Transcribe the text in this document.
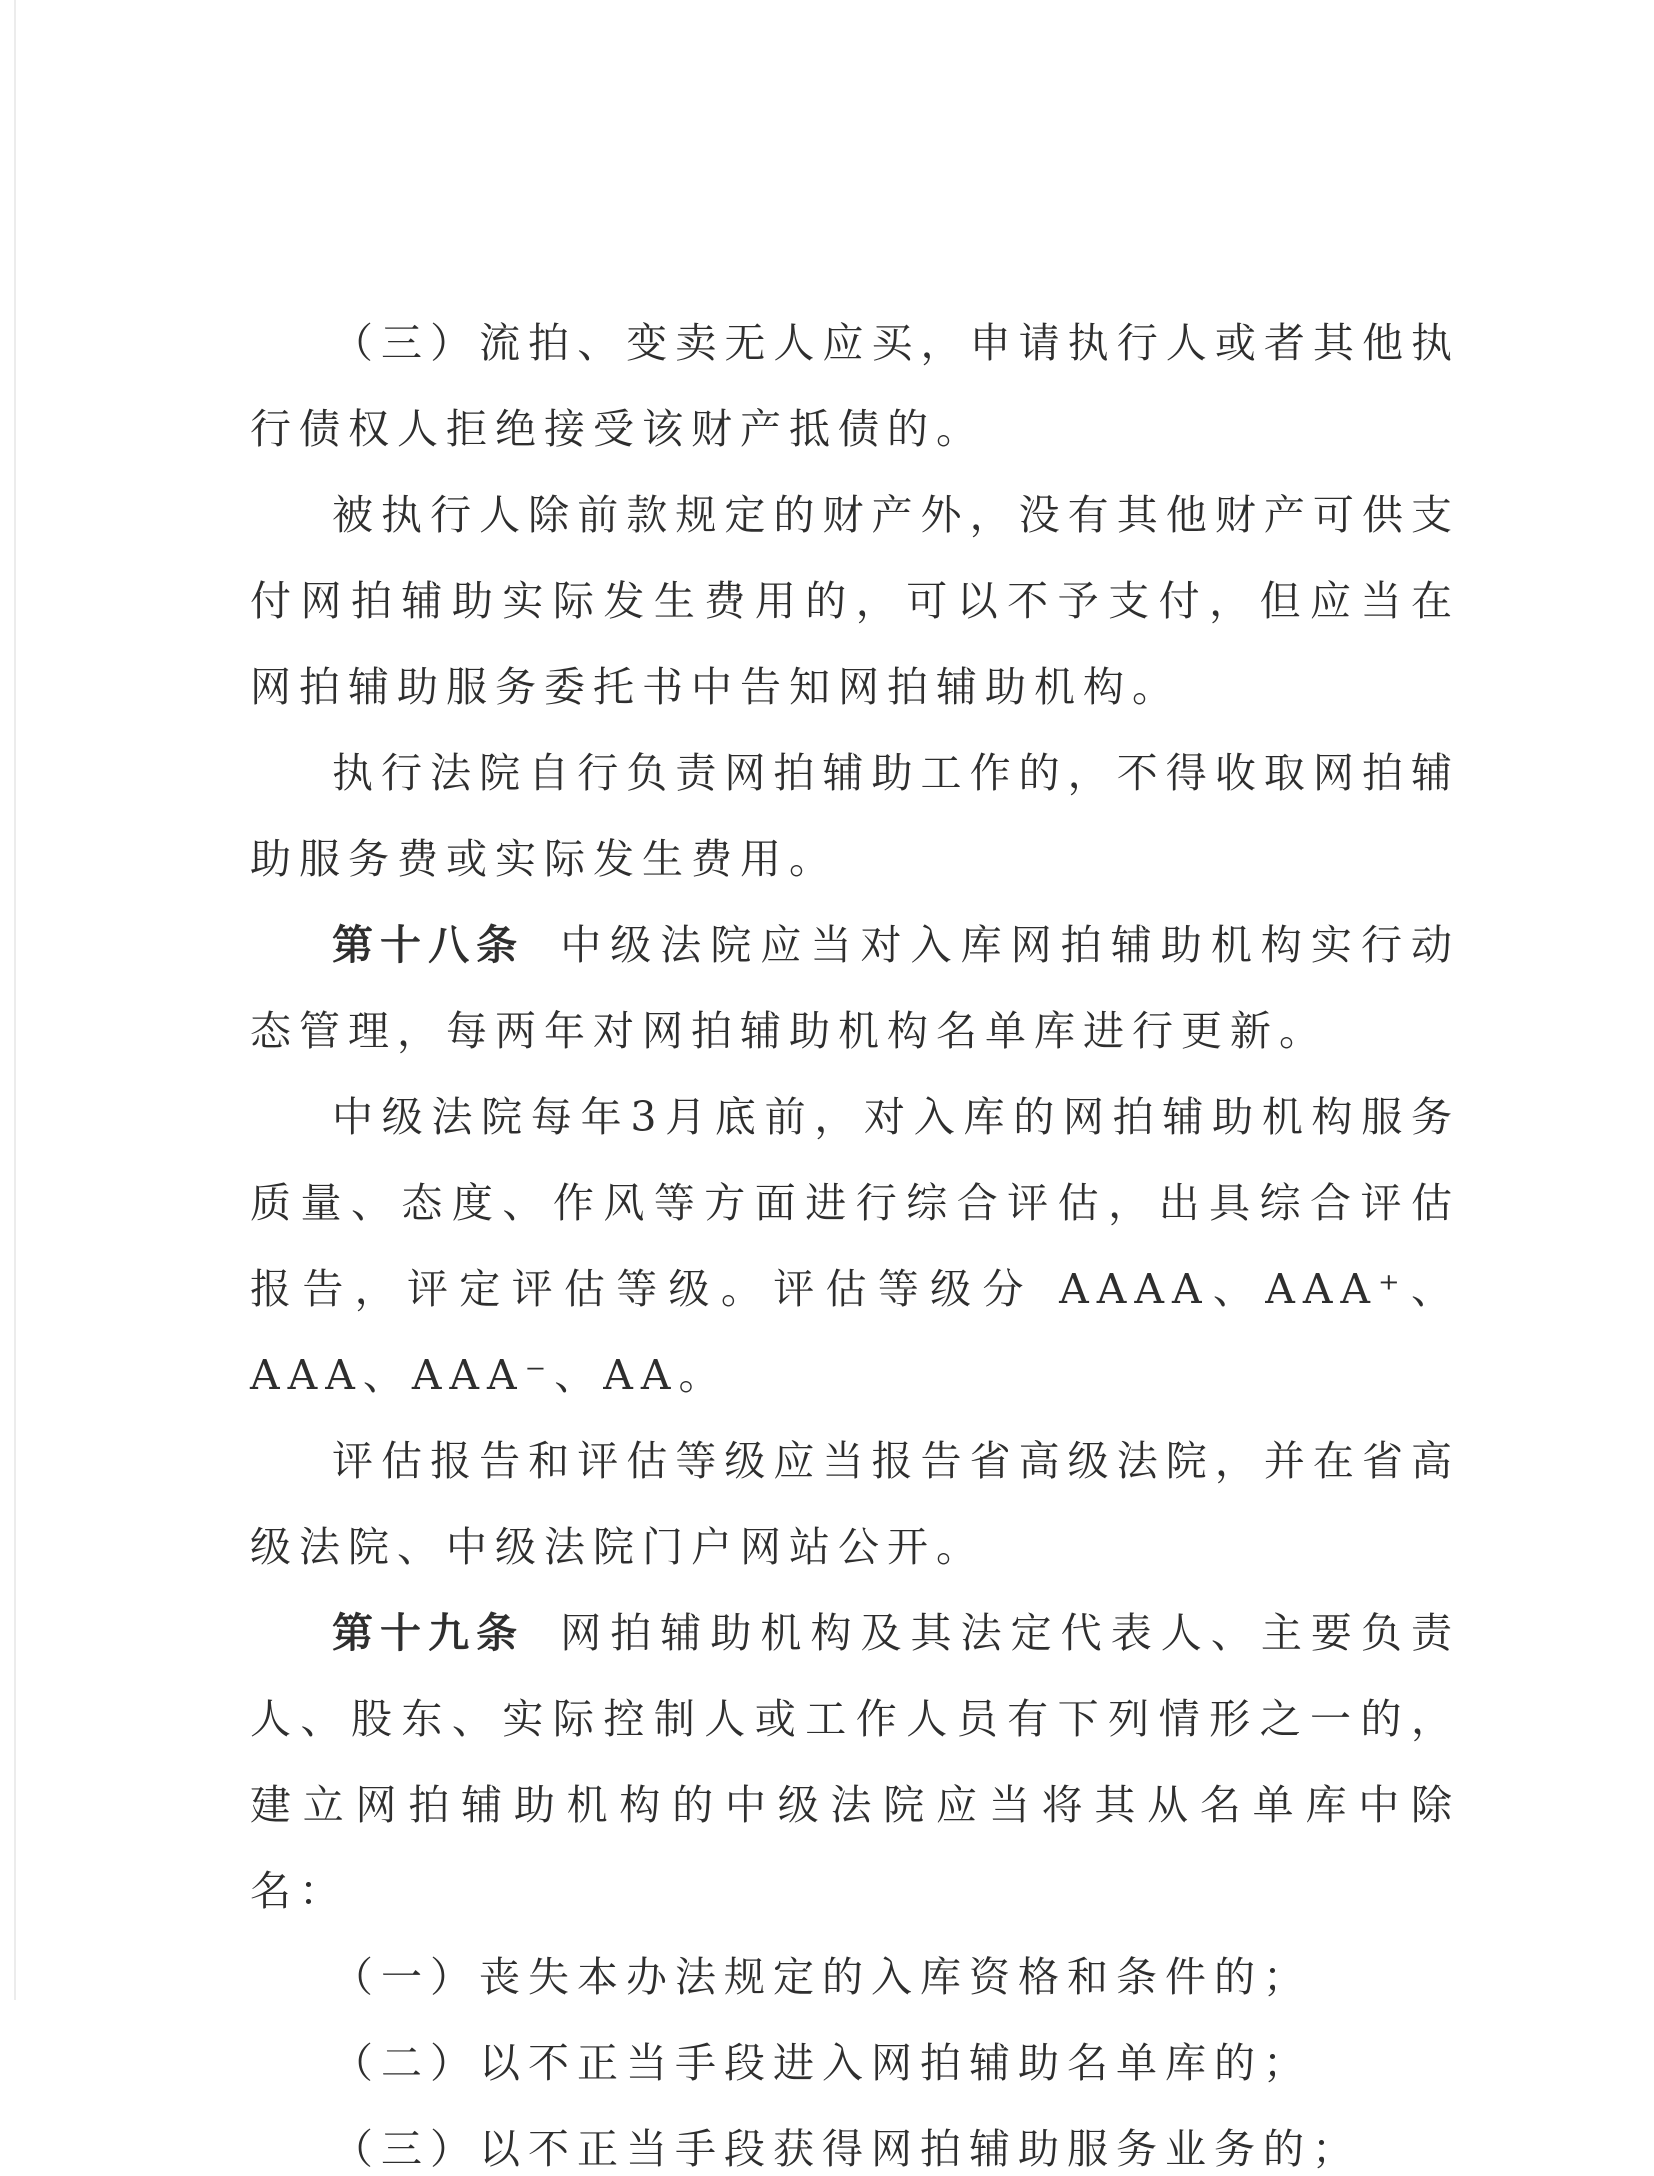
（三）流拍、变卖无人应买，申请执行人或者其他执行债权人拒绝接受该财产抵债的。

被执行人除前款规定的财产外，没有其他财产可供支付网拍辅助实际发生费用的，可以不予支付，但应当在网拍辅助服务委托书中告知网拍辅助机构。

执行法院自行负责网拍辅助工作的，不得收取网拍辅助服务费或实际发生费用。

第十八条 中级法院应当对入库网拍辅助机构实行动态管理，每两年对网拍辅助机构名单库进行更新。

中级法院每年3月底前，对入库的网拍辅助机构服务质量、态度、作风等方面进行综合评估，出具综合评估报告，评定评估等级。评估等级分 AAAA、AAA⁺、AAA、AAA⁻、AA。

评估报告和评估等级应当报告省高级法院，并在省高级法院、中级法院门户网站公开。

第十九条 网拍辅助机构及其法定代表人、主要负责人、股东、实际控制人或工作人员有下列情形之一的，建立网拍辅助机构的中级法院应当将其从名单库中除名：

（一）丧失本办法规定的入库资格和条件的；

（二）以不正当手段进入网拍辅助名单库的；

（三）以不正当手段获得网拍辅助服务业务的；
